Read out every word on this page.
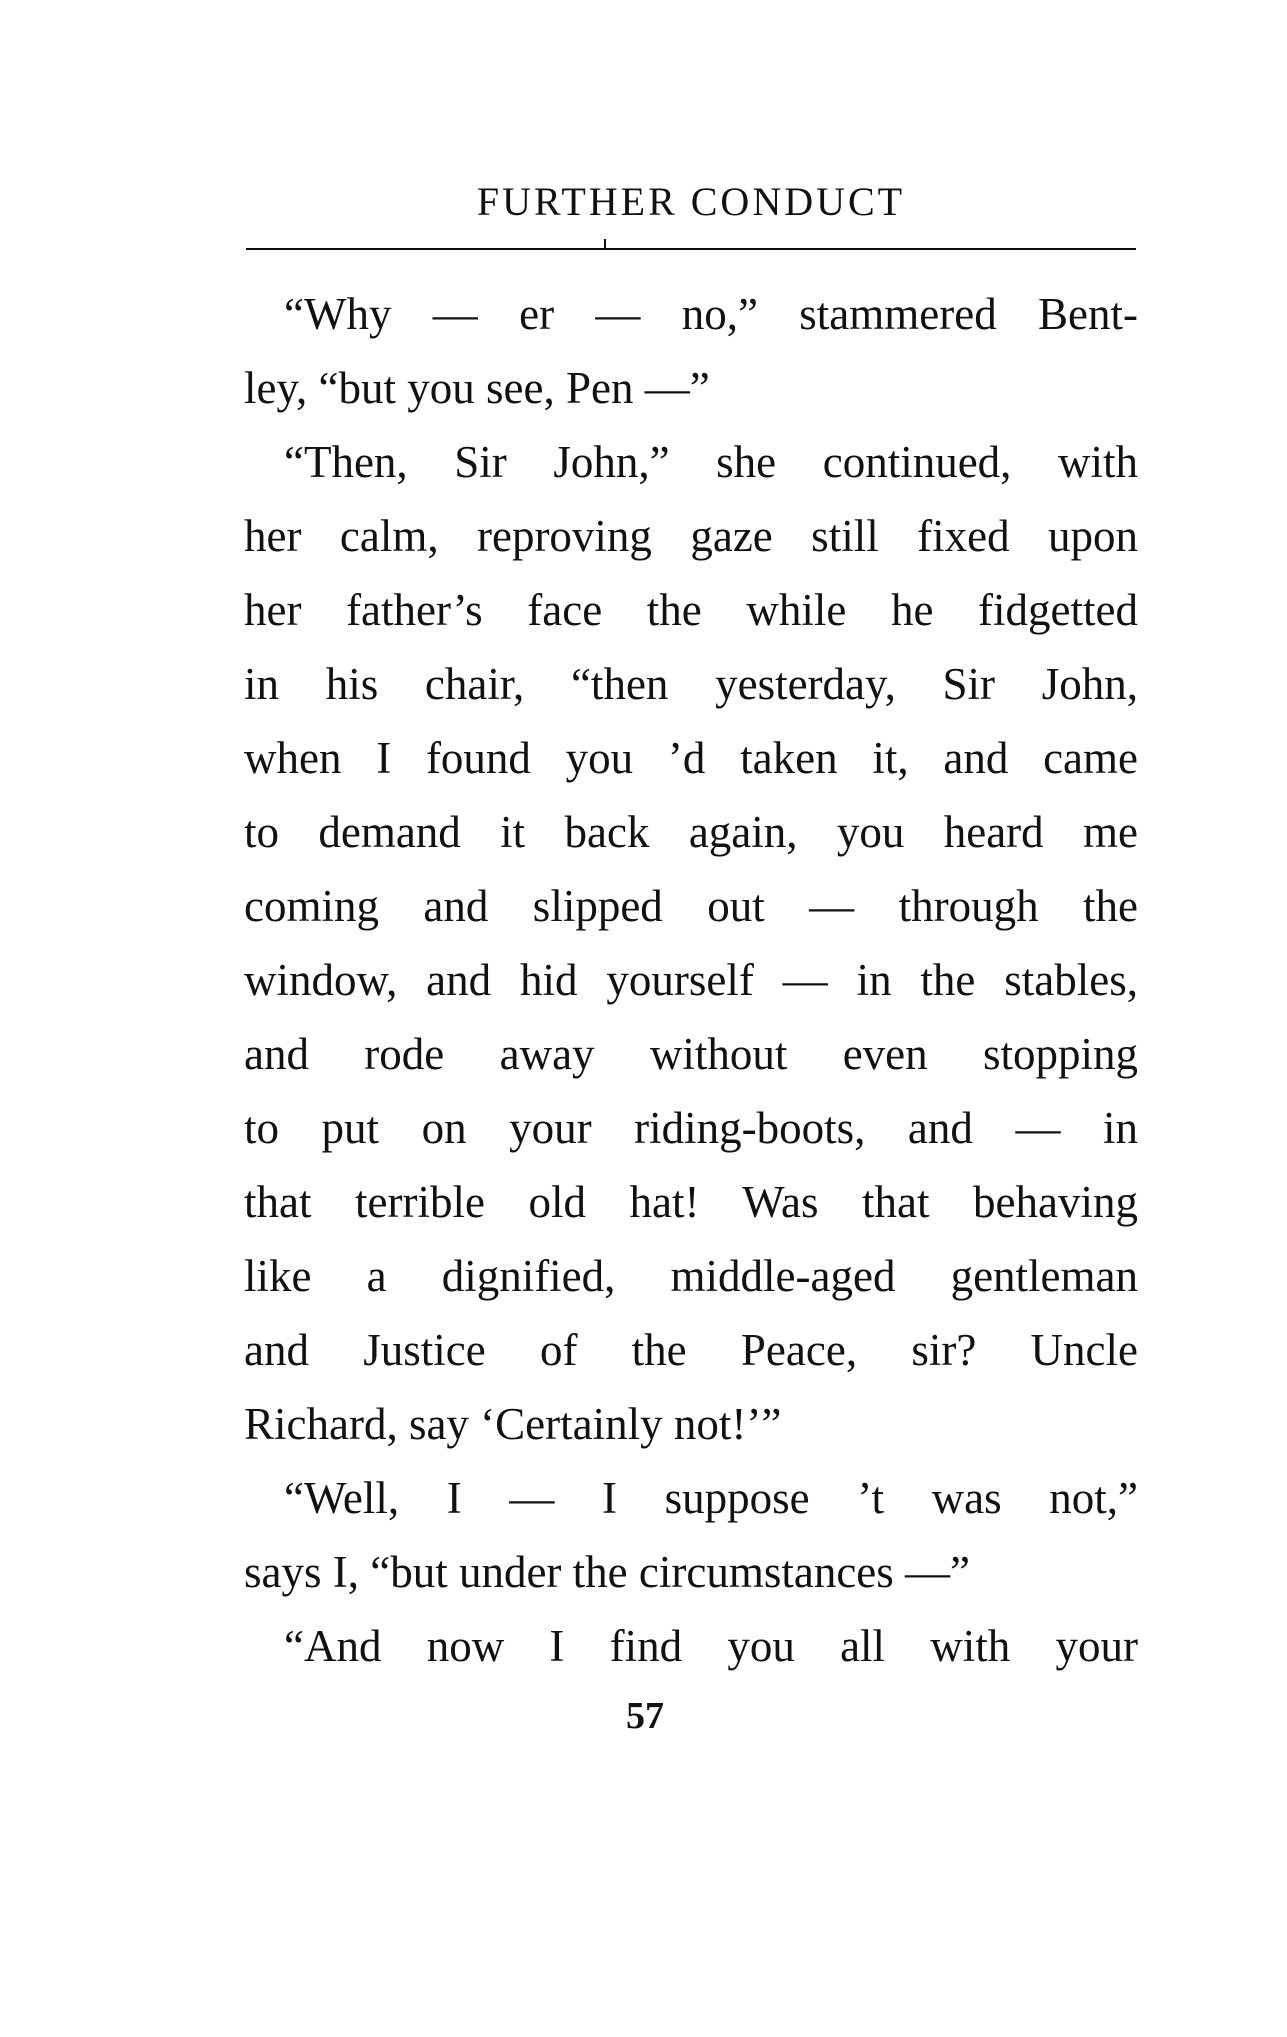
FURTHER CONDUCT
“Why — er — no,” stammered Bent-
ley, “but you see, Pen —”
“Then, Sir John,” she continued, with
her calm, reproving gaze still fixed upon
her father’s face the while he fidgetted
in his chair, “then yesterday, Sir John,
when I found you ’d taken it, and came
to demand it back again, you heard me
coming and slipped out — through the
window, and hid yourself — in the stables,
and rode away without even stopping
to put on your riding-boots, and — in
that terrible old hat! Was that behaving
like a dignified, middle-aged gentleman
and Justice of the Peace, sir? Uncle
Richard, say ‘Certainly not!’”
“Well, I — I suppose ’t was not,”
says I, “but under the circumstances —”
“And now I find you all with your
57
